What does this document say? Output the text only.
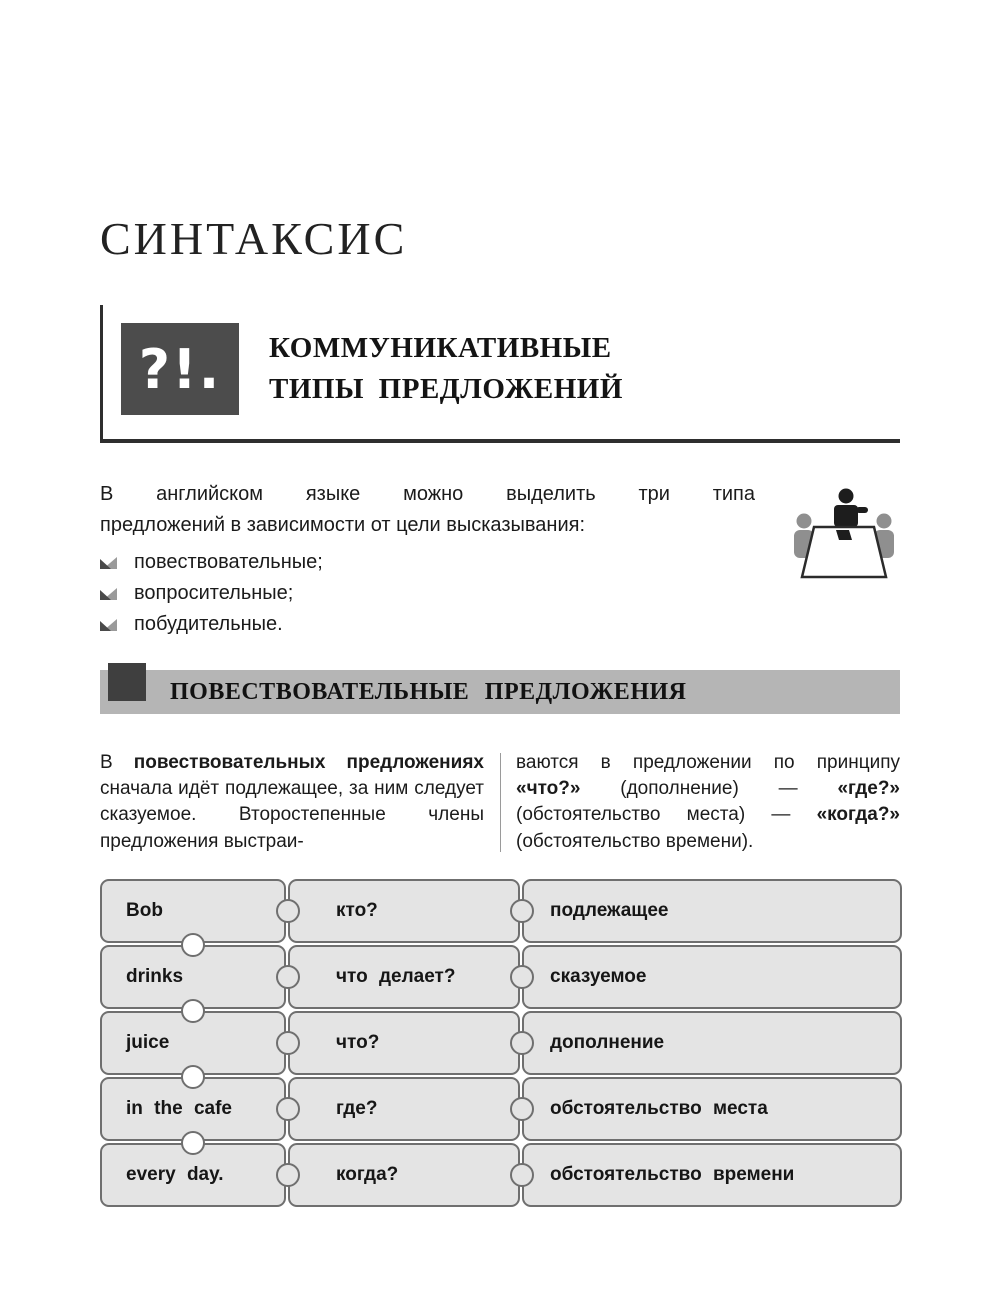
СИНТАКСИС
?!.	КОММУНИКАТИВНЫЕ
ТИПЫ ПРЕДЛОЖЕНИЙ
В английском языке можно выделить три типа
предложений в зависимости от цели высказывания:
повествовательные;
вопросительные;
побудительные.
ПОВЕСТВОВАТЕЛЬНЫЕ ПРЕДЛОЖЕНИЯ
В повествовательных предложениях сначала идёт подлежащее, за ним следует сказуемое. Второстепенные члены предложения выстраи-
ваются в предложении по принципу «что?» (дополнение) — «где?» (обстоятельство места) — «когда?» (обстоятельство времени).
Bob	кто?	подлежащее
drinks	что делает?	сказуемое
juice	что?	дополнение
in the cafe	где?	обстоятельство места
every day.	когда?	обстоятельство времени
